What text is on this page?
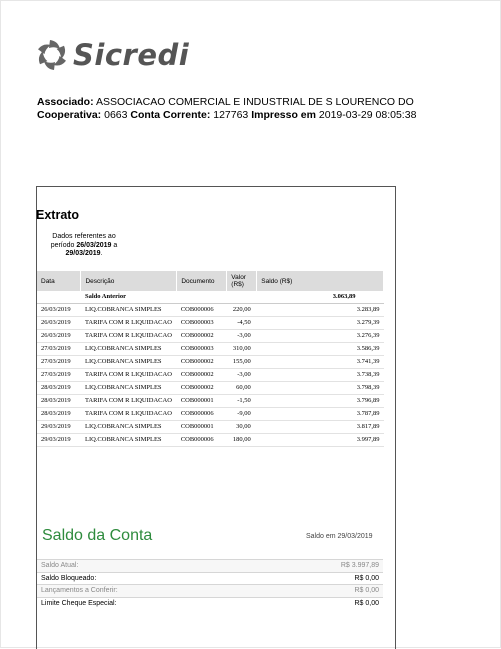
Sicredi
Associado: ASSOCIACAO COMERCIAL E INDUSTRIAL DE S LOURENCO DO
Cooperativa: 0663 Conta Corrente: 127763 Impresso em 2019-03-29 08:05:38
Extrato
Dados referentes ao período 26/03/2019 a 29/03/2019.
Data	Descrição	Documento	Valor (R$)	Saldo (R$)
	Saldo Anterior			3.063,89
26/03/2019	LIQ.COBRANCA SIMPLES	COB000006	220,00	3.283,89
26/03/2019	TARIFA COM R LIQUIDACAO	COB000003	-4,50	3.279,39
26/03/2019	TARIFA COM R LIQUIDACAO	COB000002	-3,00	3.276,39
27/03/2019	LIQ.COBRANCA SIMPLES	COB000003	310,00	3.586,39
27/03/2019	LIQ.COBRANCA SIMPLES	COB000002	155,00	3.741,39
27/03/2019	TARIFA COM R LIQUIDACAO	COB000002	-3,00	3.738,39
28/03/2019	LIQ.COBRANCA SIMPLES	COB000002	60,00	3.798,39
28/03/2019	TARIFA COM R LIQUIDACAO	COB000001	-1,50	3.796,89
28/03/2019	TARIFA COM R LIQUIDACAO	COB000006	-9,00	3.787,89
29/03/2019	LIQ.COBRANCA SIMPLES	COB000001	30,00	3.817,89
29/03/2019	LIQ.COBRANCA SIMPLES	COB000006	180,00	3.997,89
Saldo da Conta	Saldo em 29/03/2019
Saldo Atual:	R$ 3.997,89
Saldo Bloqueado:	R$ 0,00
Lançamentos a Conferir:	R$ 0,00
Limite Cheque Especial:	R$ 0,00
